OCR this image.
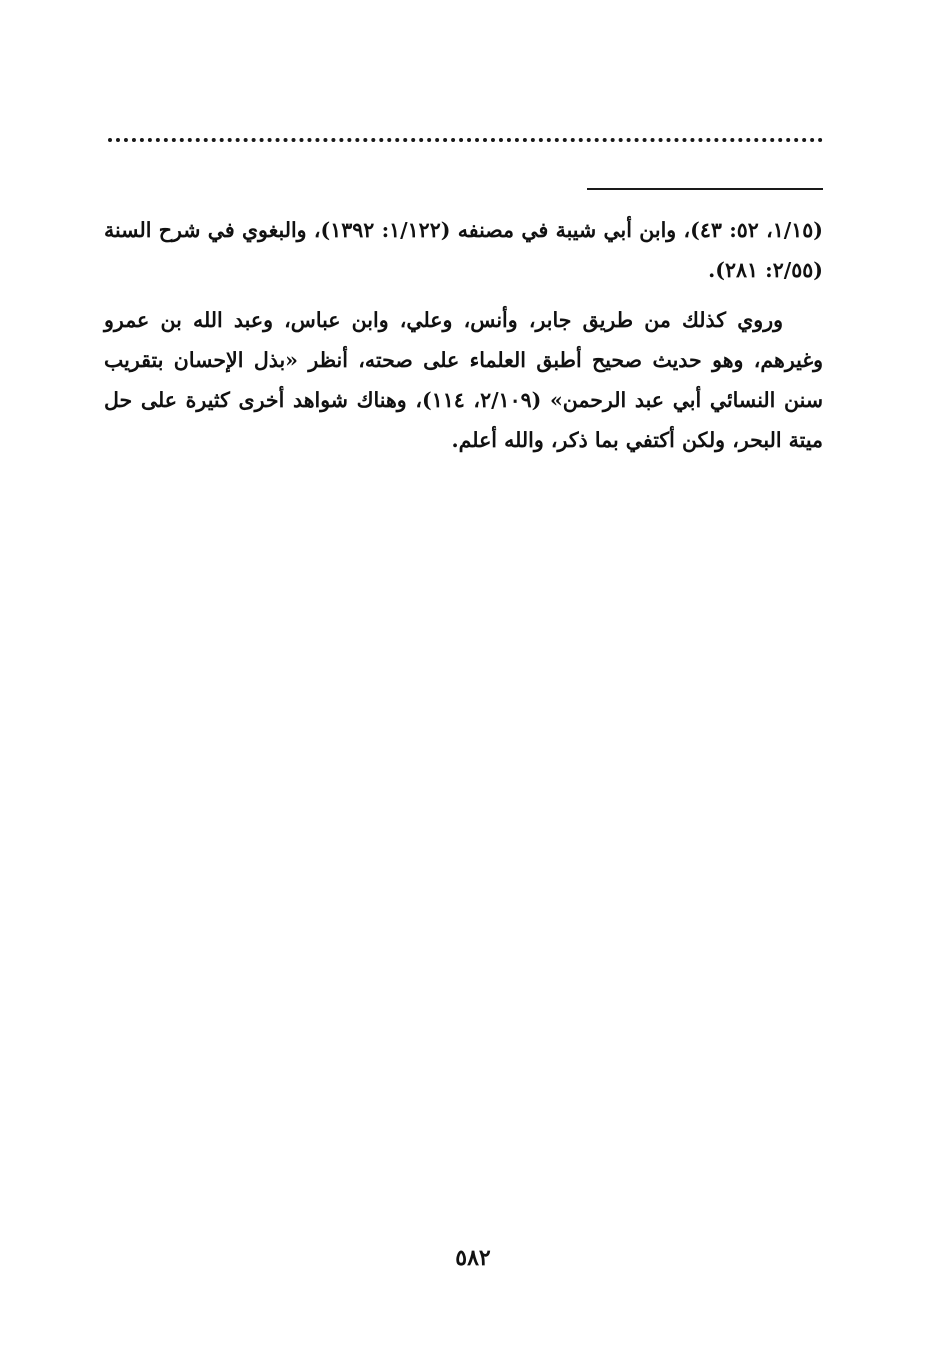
(١/١٥، ٥٢: ٤٣)، وابن أبي شيبة في مصنفه (١/١٢٢: ١٣٩٢)، والبغوي في شرح السنة (٢/٥٥: ٢٨١).
وروي كذلك من طريق جابر، وأنس، وعلي، وابن عباس، وعبد الله بن عمرو وغيرهم، وهو حديث صحيح أطبق العلماء على صحته، أنظر «بذل الإحسان بتقريب سنن النسائي أبي عبد الرحمن» (٢/١٠٩، ١١٤)، وهناك شواهد أخرى كثيرة على حل ميتة البحر، ولكن أكتفي بما ذكر، والله أعلم.
٥٨٢
